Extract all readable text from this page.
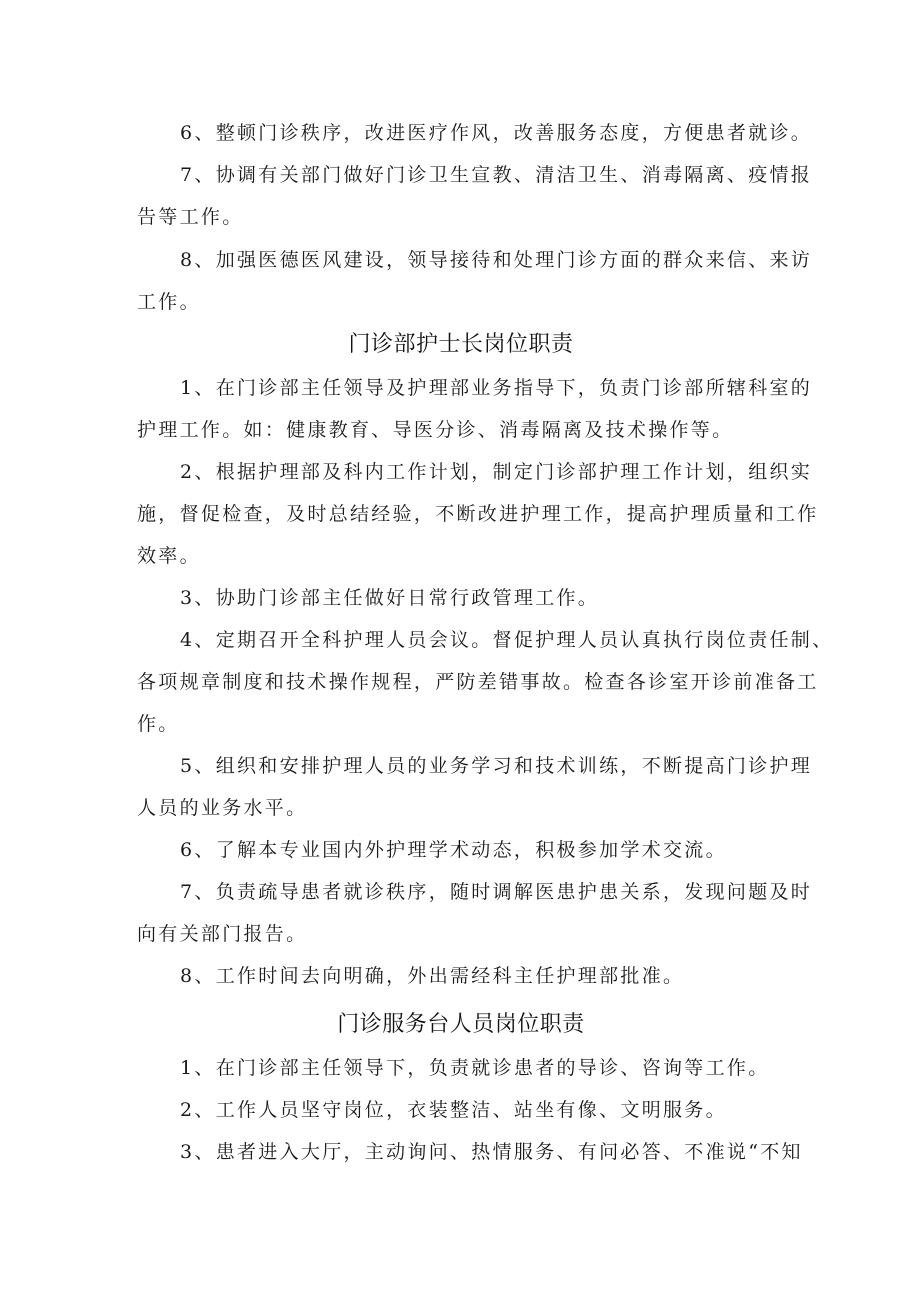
6、整顿门诊秩序，改进医疗作风，改善服务态度，方便患者就诊。
7、协调有关部门做好门诊卫生宣教、清洁卫生、消毒隔离、疫情报
告等工作。
8、加强医德医风建设，领导接待和处理门诊方面的群众来信、来访
工作。
门诊部护士长岗位职责
1、在门诊部主任领导及护理部业务指导下，负责门诊部所辖科室的
护理工作。如：健康教育、导医分诊、消毒隔离及技术操作等。
2、根据护理部及科内工作计划，制定门诊部护理工作计划，组织实
施，督促检查，及时总结经验，不断改进护理工作，提高护理质量和工作
效率。
3、协助门诊部主任做好日常行政管理工作。
4、定期召开全科护理人员会议。督促护理人员认真执行岗位责任制、
各项规章制度和技术操作规程，严防差错事故。检查各诊室开诊前准备工
作。
5、组织和安排护理人员的业务学习和技术训练，不断提高门诊护理
人员的业务水平。
6、了解本专业国内外护理学术动态，积极参加学术交流。
7、负责疏导患者就诊秩序，随时调解医患护患关系，发现问题及时
向有关部门报告。
8、工作时间去向明确，外出需经科主任护理部批准。
门诊服务台人员岗位职责
1、在门诊部主任领导下，负责就诊患者的导诊、咨询等工作。
2、工作人员坚守岗位，衣装整洁、站坐有像、文明服务。
3、患者进入大厅，主动询问、热情服务、有问必答、不准说“不知
